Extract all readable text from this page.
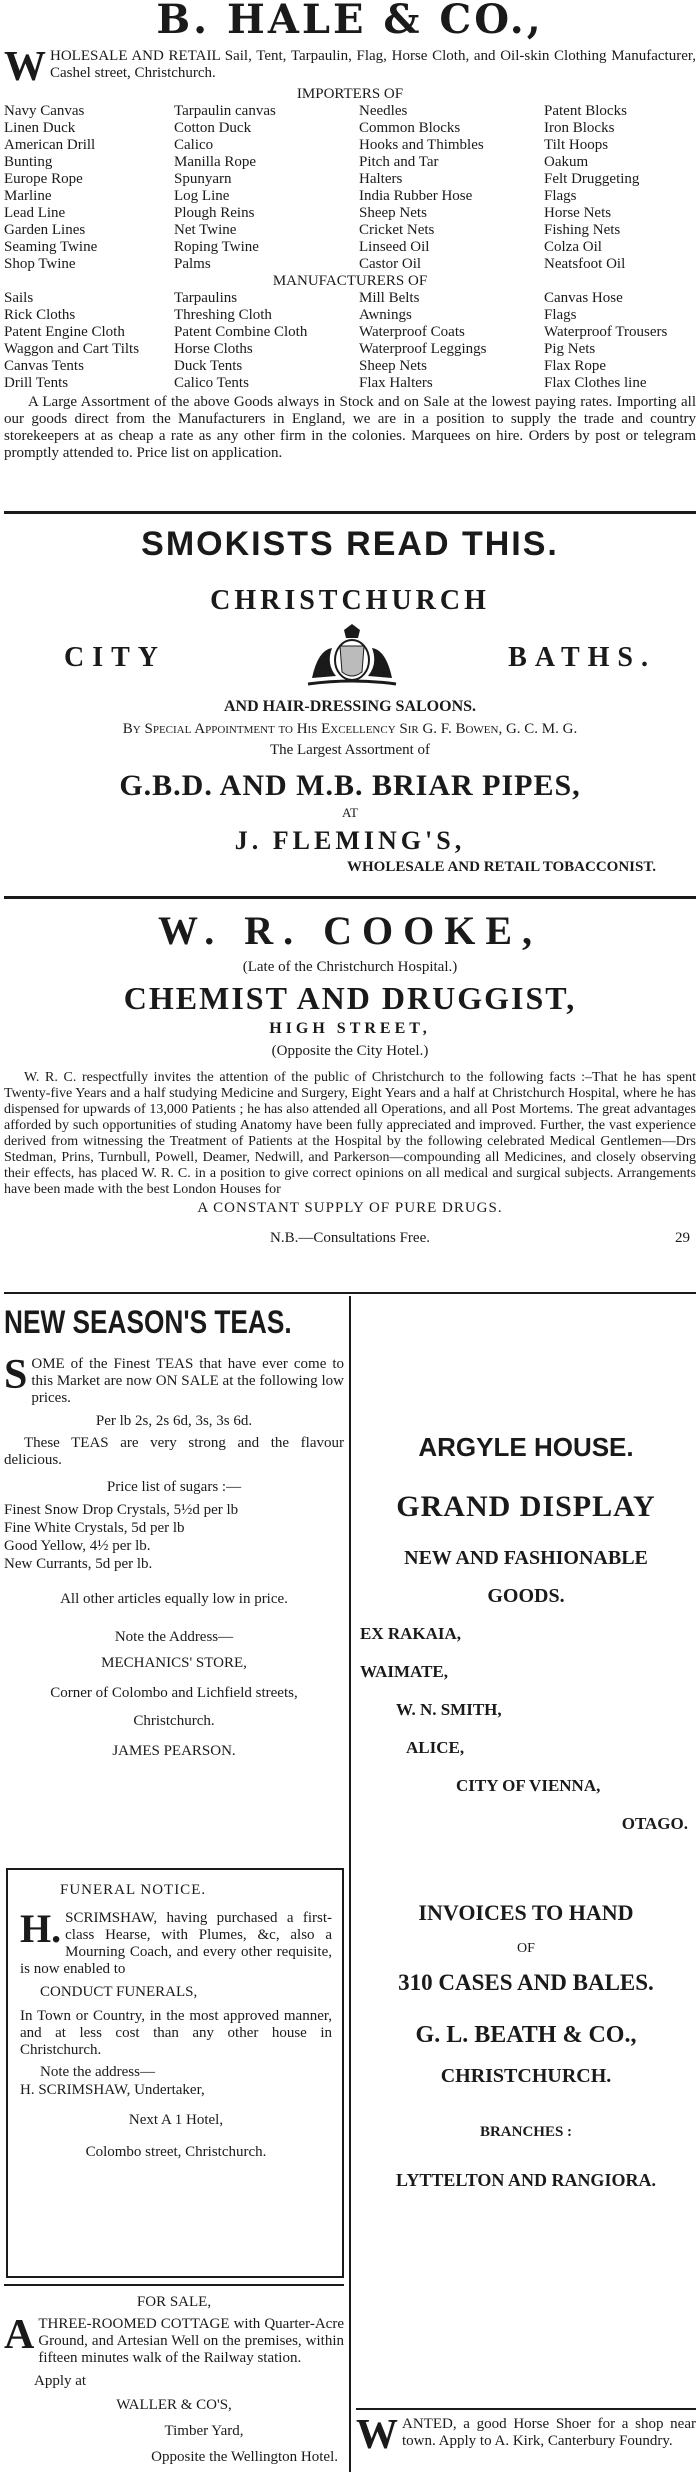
B. HALE & CO.,
WHOLESALE AND RETAIL Sail, Tent, Tarpaulin, Flag, Horse Cloth, and Oil-skin Clothing Manufacturer, Cashel street, Christchurch.
IMPORTERS OF
Navy Canvas
Linen Duck
American Drill
Bunting
Europe Rope
Marline
Lead Line
Garden Lines
Seaming Twine
Shop Twine
Tarpaulin canvas
Cotton Duck
Calico
Manilla Rope
Spunyarn
Log Line
Plough Reins
Net Twine
Roping Twine
Palms
Needles
Common Blocks
Hooks and Thimbles
Pitch and Tar
Halters
India Rubber Hose
Sheep Nets
Cricket Nets
Linseed Oil
Castor Oil
Patent Blocks
Iron Blocks
Tilt Hoops
Oakum
Felt Druggeting
Flags
Horse Nets
Fishing Nets
Colza Oil
Neatsfoot Oil
MANUFACTURERS OF
Sails
Rick Cloths
Patent Engine Cloth
Waggon and Cart Tilts
Canvas Tents
Drill Tents
Tarpaulins
Threshing Cloth
Patent Combine Cloth
Horse Cloths
Duck Tents
Calico Tents
Mill Belts
Awnings
Waterproof Coats
Waterproof Leggings
Sheep Nets
Flax Halters
Canvas Hose
Flags
Waterproof Trousers
Pig Nets
Flax Rope
Flax Clothes line
A Large Assortment of the above Goods always in Stock and on Sale at the lowest paying rates. Importing all our goods direct from the Manufacturers in England, we are in a position to supply the trade and country storekeepers at as cheap a rate as any other firm in the colonies. Marquees on hire. Orders by post or telegram promptly attended to. Price list on application.
SMOKISTS READ THIS.
CHRISTCHURCH
CITY	BATHS.
AND HAIR-DRESSING SALOONS.
By Special Appointment to His Excellency Sir G. F. Bowen, G. C. M. G.
The Largest Assortment of
G.B.D. AND M.B. BRIAR PIPES,
AT
J. FLEMING'S,
WHOLESALE AND RETAIL TOBACCONIST.
W. R. COOKE,
(Late of the Christchurch Hospital.)
CHEMIST AND DRUGGIST,
HIGH STREET,
(Opposite the City Hotel.)
W. R. C. respectfully invites the attention of the public of Christchurch to the following facts :–That he has spent Twenty-five Years and a half studying Medicine and Surgery, Eight Years and a half at Christchurch Hospital, where he has dispensed for upwards of 13,000 Patients ; he has also attended all Operations, and all Post Mortems. The great advantages afforded by such opportunities of studing Anatomy have been fully appreciated and improved. Further, the vast experience derived from witnessing the Treatment of Patients at the Hospital by the following celebrated Medical Gentlemen—Drs Stedman, Prins, Turnbull, Powell, Deamer, Nedwill, and Parkerson—compounding all Medicines, and closely observing their effects, has placed W. R. C. in a position to give correct opinions on all medical and surgical subjects. Arrangements have been made with the best London Houses for
A CONSTANT SUPPLY OF PURE DRUGS.
N.B.—Consultations Free.	29
NEW SEASON'S TEAS.
SOME of the Finest TEAS that have ever come to this Market are now ON SALE at the following low prices.
Per lb 2s, 2s 6d, 3s, 3s 6d.
These TEAS are very strong and the flavour delicious.
Price list of sugars :—
Finest Snow Drop Crystals, 5½d per lb
Fine White Crystals, 5d per lb
Good Yellow, 4½ per lb.
New Currants, 5d per lb.
All other articles equally low in price.
Note the Address—
MECHANICS' STORE,
Corner of Colombo and Lichfield streets,
Christchurch.
JAMES PEARSON.
FUNERAL NOTICE.
H. SCRIMSHAW, having purchased a first-class Hearse, with Plumes, &c, also a Mourning Coach, and every other requisite, is now enabled to
CONDUCT FUNERALS,
In Town or Country, in the most approved manner, and at less cost than any other house in Christchurch.
Note the address—
H. SCRIMSHAW, Undertaker,
Next A 1 Hotel,
Colombo street, Christchurch.
FOR SALE,
ATHREE-ROOMED COTTAGE with Quarter-Acre Ground, and Artesian Well on the premises, within fifteen minutes walk of the Railway station.
Apply at
WALLER & CO'S,
Timber Yard,
Opposite the Wellington Hotel.
ARGYLE HOUSE.
GRAND DISPLAY
NEW AND FASHIONABLE
GOODS.
EX RAKAIA,
WAIMATE,
W. N. SMITH,
ALICE,
CITY OF VIENNA,
OTAGO.
INVOICES TO HAND
OF
310 CASES AND BALES.
G. L. BEATH & CO.,
CHRISTCHURCH.
BRANCHES :
LYTTELTON AND RANGIORA.
WANTED, a good Horse Shoer for a shop near town. Apply to A. Kirk, Canterbury Foundry.
